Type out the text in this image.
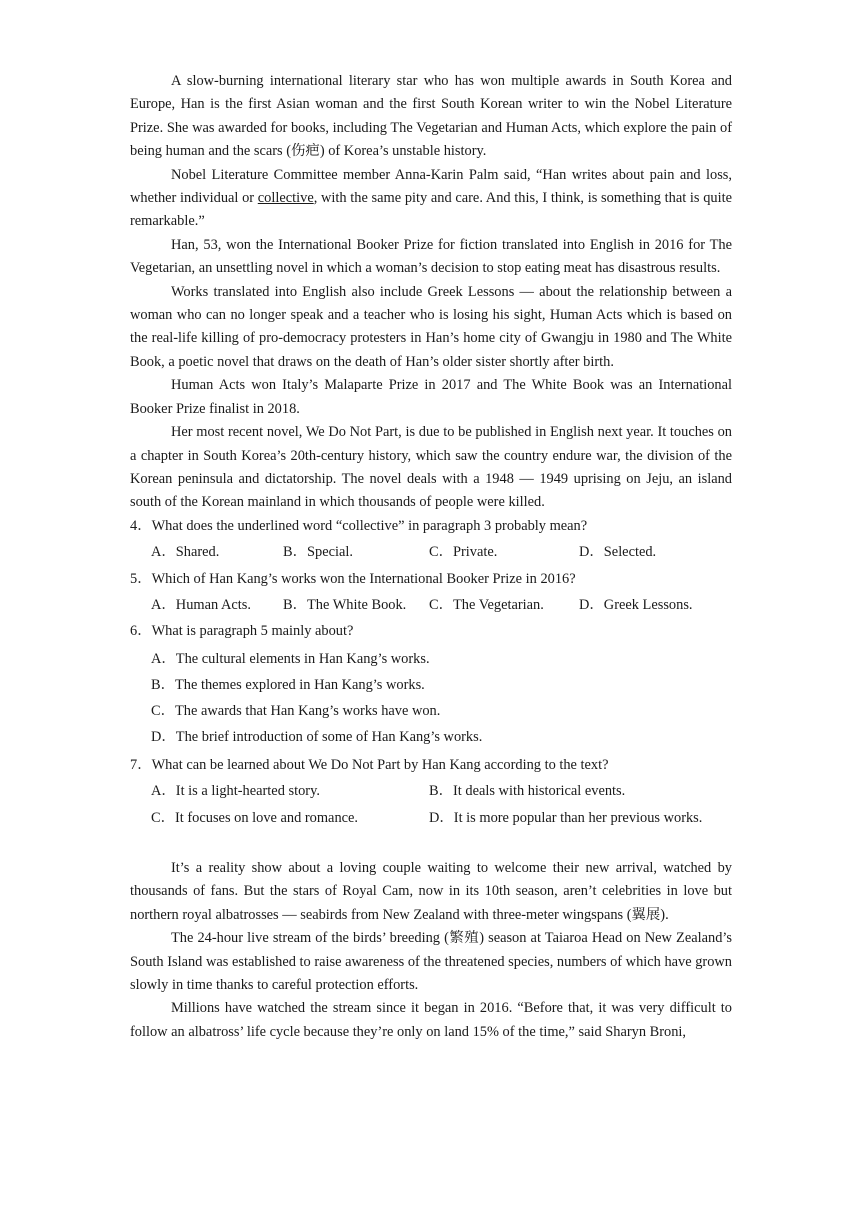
A slow-burning international literary star who has won multiple awards in South Korea and Europe, Han is the first Asian woman and the first South Korean writer to win the Nobel Literature Prize. She was awarded for books, including The Vegetarian and Human Acts, which explore the pain of being human and the scars (伤疤) of Korea’s unstable history.

Nobel Literature Committee member Anna-Karin Palm said, “Han writes about pain and loss, whether individual or collective, with the same pity and care. And this, I think, is something that is quite remarkable.”

Han, 53, won the International Booker Prize for fiction translated into English in 2016 for The Vegetarian, an unsettling novel in which a woman’s decision to stop eating meat has disastrous results.

Works translated into English also include Greek Lessons — about the relationship between a woman who can no longer speak and a teacher who is losing his sight, Human Acts which is based on the real-life killing of pro-democracy protesters in Han’s home city of Gwangju in 1980 and The White Book, a poetic novel that draws on the death of Han’s older sister shortly after birth.

Human Acts won Italy’s Malaparte Prize in 2017 and The White Book was an International Booker Prize finalist in 2018.

Her most recent novel, We Do Not Part, is due to be published in English next year. It touches on a chapter in South Korea’s 20th-century history, which saw the country endure war, the division of the Korean peninsula and dictatorship. The novel deals with a 1948 — 1949 uprising on Jeju, an island south of the Korean mainland in which thousands of people were killed.

4． What does the underlined word “collective” in paragraph 3 probably mean?
A． Shared.	B． Special.	C． Private.	D． Selected.
5． Which of Han Kang’s works won the International Booker Prize in 2016?
A． Human Acts. B． The White Book. C． The Vegetarian. D． Greek Lessons.
6． What is paragraph 5 mainly about?
A． The cultural elements in Han Kang’s works.
B． The themes explored in Han Kang’s works.
C． The awards that Han Kang’s works have won.
D． The brief introduction of some of Han Kang’s works.
7． What can be learned about We Do Not Part by Han Kang according to the text?
A． It is a light-hearted story.	B． It deals with historical events.
C． It focuses on love and romance.	D． It is more popular than her previous works.

It’s a reality show about a loving couple waiting to welcome their new arrival, watched by thousands of fans. But the stars of Royal Cam, now in its 10th season, aren’t celebrities in love but northern royal albatrosses — seabirds from New Zealand with three-meter wingspans (翼展).

The 24-hour live stream of the birds’ breeding (繁殖) season at Taiaroa Head on New Zealand’s South Island was established to raise awareness of the threatened species, numbers of which have grown slowly in time thanks to careful protection efforts.

Millions have watched the stream since it began in 2016. “Before that, it was very difficult to follow an albatross’ life cycle because they’re only on land 15% of the time,” said Sharyn Broni,
